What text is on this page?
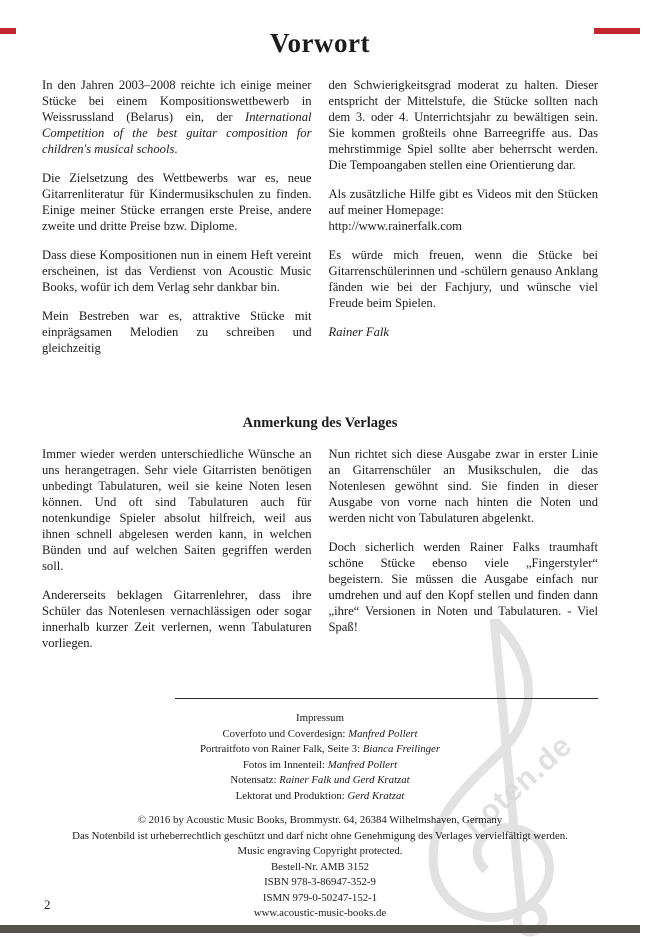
noten.de
Vorwort

In den Jahren 2003–2008 reichte ich einige meiner Stücke bei einem Kompositionswettbewerb in Weissrussland (Belarus) ein, der International Competition of the best guitar composition for children's musical schools.

Die Zielsetzung des Wettbewerbs war es, neue Gitarrenliteratur für Kindermusikschulen zu finden. Einige meiner Stücke errangen erste Preise, andere zweite und dritte Preise bzw. Diplome.

Dass diese Kompositionen nun in einem Heft vereint erscheinen, ist das Verdienst von Acoustic Music Books, wofür ich dem Verlag sehr dankbar bin.

Mein Bestreben war es, attraktive Stücke mit einprägsamen Melodien zu schreiben und gleichzeitig

den Schwierigkeitsgrad moderat zu halten. Dieser entspricht der Mittelstufe, die Stücke sollten nach dem 3. oder 4. Unterrichtsjahr zu bewältigen sein. Sie kommen großteils ohne Barreegriffe aus. Das mehrstimmige Spiel sollte aber beherrscht werden. Die Tempoangaben stellen eine Orientierung dar.

Als zusätzliche Hilfe gibt es Videos mit den Stücken auf meiner Homepage:
http://www.rainerfalk.com

Es würde mich freuen, wenn die Stücke bei Gitarrenschülerinnen und -schülern genauso Anklang fänden wie bei der Fachjury, und wünsche viel Freude beim Spielen.

Rainer Falk

Anmerkung des Verlages

Immer wieder werden unterschiedliche Wünsche an uns herangetragen. Sehr viele Gitarristen benötigen unbedingt Tabulaturen, weil sie keine Noten lesen können. Und oft sind Tabulaturen auch für notenkundige Spieler absolut hilfreich, weil aus ihnen schnell abgelesen werden kann, in welchen Bünden und auf welchen Saiten gegriffen werden soll.

Andererseits beklagen Gitarrenlehrer, dass ihre Schüler das Notenlesen vernachlässigen oder sogar innerhalb kurzer Zeit verlernen, wenn Tabulaturen vorliegen.

Nun richtet sich diese Ausgabe zwar in erster Linie an Gitarrenschüler an Musikschulen, die das Notenlesen gewöhnt sind. Sie finden in dieser Ausgabe von vorne nach hinten die Noten und werden nicht von Tabulaturen abgelenkt.

Doch sicherlich werden Rainer Falks traumhaft schöne Stücke ebenso viele „Fingerstyler“ begeistern. Sie müssen die Ausgabe einfach nur umdrehen und auf den Kopf stellen und finden dann „ihre“ Versionen in Noten und Tabulaturen. - Viel Spaß!

Impressum
Coverfoto und Coverdesign: Manfred Pollert
Portraitfoto von Rainer Falk, Seite 3: Bianca Freilinger
Fotos im Innenteil: Manfred Pollert
Notensatz: Rainer Falk und Gerd Kratzat
Lektorat und Produktion: Gerd Kratzat
© 2016 by Acoustic Music Books, Brommystr. 64, 26384 Wilhelmshaven, Germany
Das Notenbild ist urheberrechtlich geschützt und darf nicht ohne Genehmigung des Verlages vervielfältigt werden.
Music engraving Copyright protected.
Bestell-Nr. AMB 3152
ISBN 978-3-86947-352-9
ISMN 979-0-50247-152-1
www.acoustic-music-books.de
2
